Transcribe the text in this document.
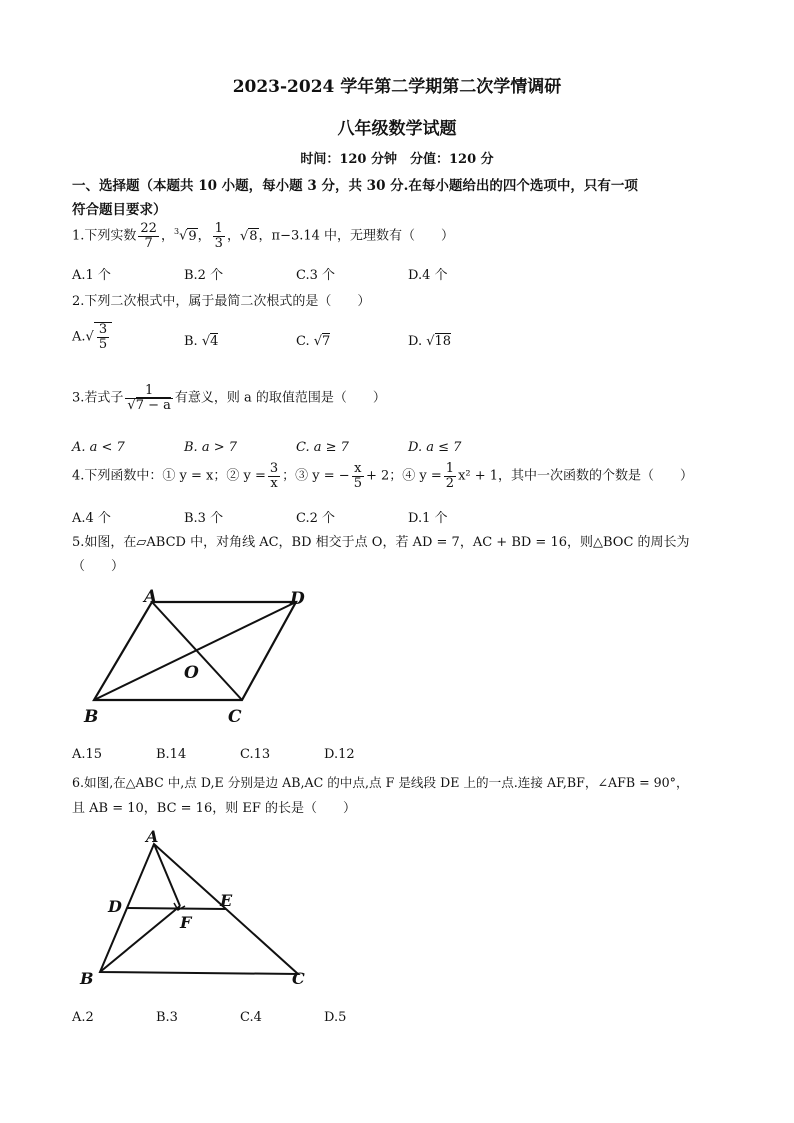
2023-2024 学年第二学期第二次学情调研
八年级数学试题
时间：120 分钟　分值：120 分
一、选择题（本题共 10 小题，每小题 3 分，共 30 分.在每小题给出的四个选项中，只有一项
符合题目要求）
1.下列实数 $\frac{22}{7}$ ，$^3$√9， $\frac{1}{3}$ ，√8，π−3.14 中，无理数有（　　）
A.1 个	B.2 个	C.3 个	D.4 个
2.下列二次根式中，属于最简二次根式的是（　　）
$A.√ \frac{3}{5}$	B. √4	C. √7	D. √18
3.若式子 $\frac{1}{√7 - a}$ 有意义，则 a 的取值范围是（　　）
A. a < 7	B. a > 7	C. a ≥ 7	D. a ≤ 7
4.下列函数中：① y = x；② $y = \frac{3}{x}$ ；③ y = − $\frac{x}{5} + 2$；④ $y = \frac{1}{2} x^2 + 1$，其中一次函数的个数是（　　）
A.4 个	B.3 个	C.2 个	D.1 个
5.如图，在▱ABCD 中，对角线 AC，BD 相交于点 O，若 AD = 7，AC + BD = 16，则△BOC 的周长为
（　　）
A	D
B	C
O
A.15	B.14	C.13	D.12
6.如图,在△ABC 中,点 D,E 分别是边 AB,AC 的中点,点 F 是线段 DE 上的一点.连接 AF,BF，∠AFB = 90°，
且 AB = 10，BC = 16，则 EF 的长是（　　）
A
D	E
F
B	C
A.2	B.3	C.4	D.5
